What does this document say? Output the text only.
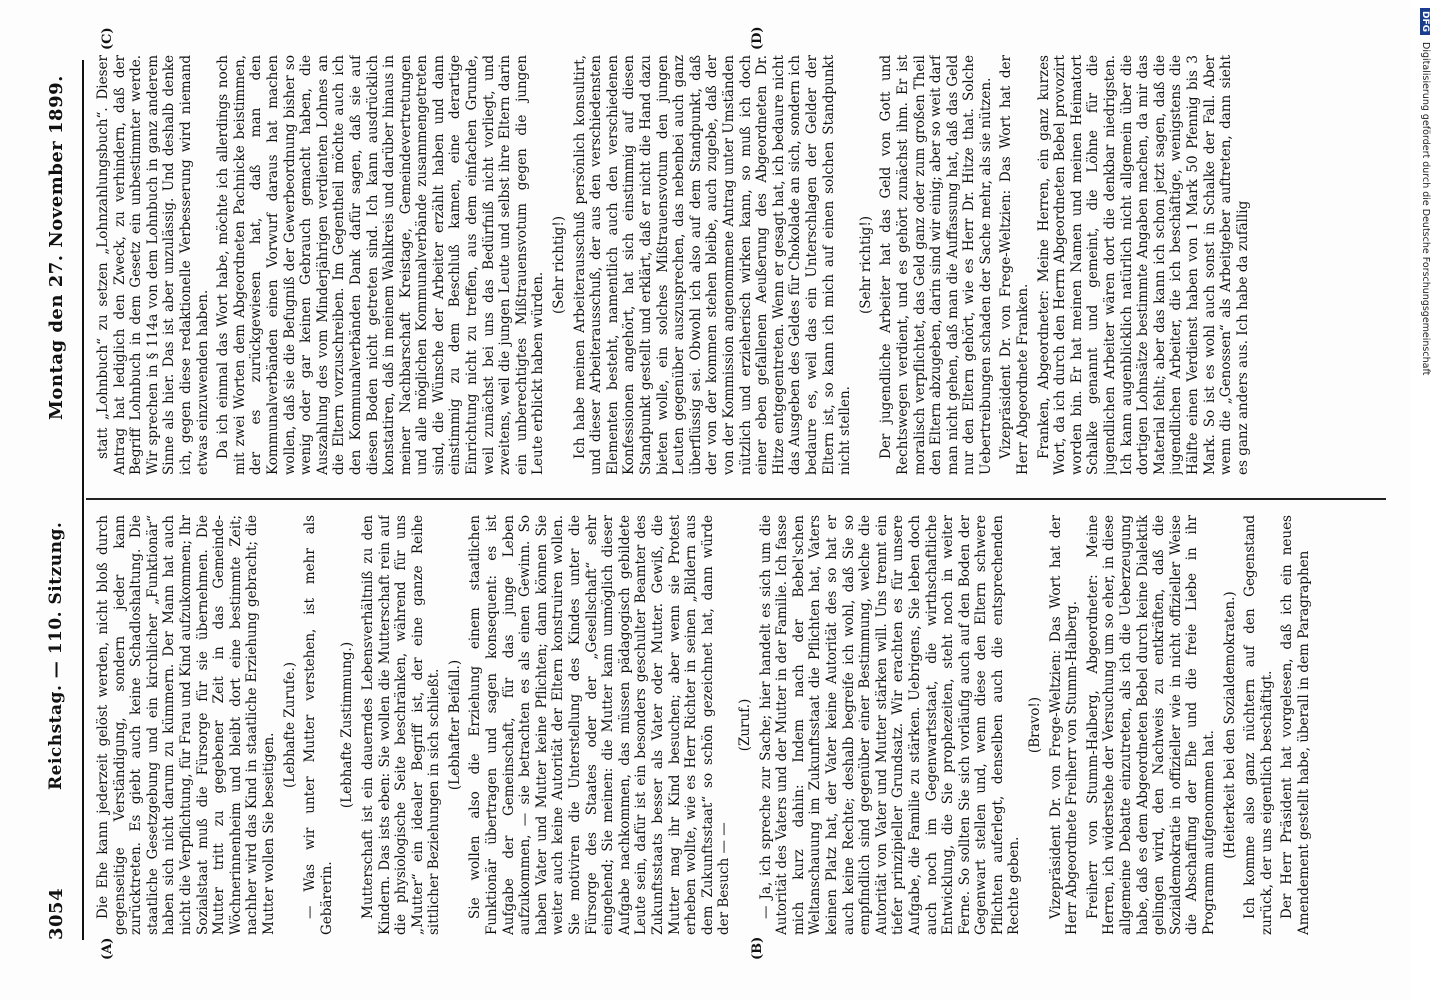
3054
Reichstag. — 110. Sitzung.
Montag den 27. November 1899.
(A)	(B)
(C)	(D)

Die Ehe kann jederzeit gelöst werden, nicht bloß durch gegenseitige Verständigung, sondern jeder kann zurücktreten. Es giebt auch keine Schadloshaltung. Die staatliche Gesetzgebung und ein kirchlicher „Funktionär“ haben sich nicht darum zu kümmern. Der Mann hat auch nicht die Verpflichtung, für Frau und Kind aufzukommen; Ihr Sozialstaat muß die Fürsorge für sie übernehmen. Die Mutter tritt zu gegebener Zeit in das Gemeinde-Wöchnerinnenheim und bleibt dort eine bestimmte Zeit; nachher wird das Kind in staatliche Erziehung gebracht; die Mutter wollen Sie beseitigen.

(Lebhafte Zurufe.) — Was wir unter Mutter verstehen, ist mehr als Gebärerin.

(Lebhafte Zustimmung.) Mutterschaft ist ein dauerndes Lebensverhältniß zu den Kindern. Das ists eben: Sie wollen die Mutterschaft rein auf die physiologische Seite beschränken, während für uns „Mutter“ ein idealer Begriff ist, der eine ganze Reihe sittlicher Beziehungen in sich schließt. (Lebhafter Beifall.) Sie wollen also die Erziehung einem staatlichen Funktionär übertragen und sagen konsequent: es ist Aufgabe der Gemeinschaft, für das junge Leben aufzukommen, — sie betrachten es als einen Gewinn. So haben Vater und Mutter keine Pflichten; dann können Sie weiter auch keine Autorität der Eltern konstruiren wollen. Sie motiviren die Unterstellung des Kindes unter die Fürsorge des Staates oder der „Gesellschaft“ sehr eingehend; Sie meinen: die Mutter kann unmöglich dieser Aufgabe nachkommen, das müssen pädagogisch gebildete Leute sein, dafür ist ein besonders geschulter Beamter des Zukunftsstaats besser als Vater oder Mutter. Gewiß, die Mutter mag ihr Kind besuchen; aber wenn sie Protest erheben wollte, wie es Herr Richter in seinen „Bildern aus dem Zukunftsstaat“ so schön gezeichnet hat, dann würde der Besuch — —

(Zuruf.) — Ja, ich spreche zur Sache; hier handelt es sich um die Autorität des Vaters und der Mutter in der Familie. Ich fasse mich kurz dahin: Indem nach der Bebel'schen Weltanschauung im Zukunftsstaat die Pflichten hat, Vaters keinen Platz hat, der Vater keine Autorität des so hat er auch keine Rechte; deshalb begreife ich wohl, daß Sie so empfindlich sind gegenüber einer Bestimmung, welche die Autorität von Vater und Mutter stärken will. Uns trennt ein tiefer prinzipieller Grundsatz. Wir erachten es für unsere Aufgabe, die Familie zu stärken. Uebrigens, Sie leben doch auch noch im Gegenwartsstaat, die wirthschaftliche Entwicklung, die Sie prophezeiten, steht noch in weiter Ferne. So sollten Sie sich vorläufig auch auf den Boden der Gegenwart stellen und, wenn diese den Eltern schwere Pflichten auferlegt, denselben auch die entsprechenden Rechte geben.

(Bravo!) Vizepräsident Dr. von Frege-Weltzien: Das Wort hat der Herr Abgeordnete Freiherr von Stumm-Halberg. Freiherr von Stumm-Halberg, Abgeordneter: Meine Herren, ich widerstehe der Versuchung um so eher, in diese allgemeine Debatte einzutreten, als ich die Ueberzeugung habe, daß es dem Abgeordneten Bebel durch keine Dialektik gelingen wird, den Nachweis zu entkräften, daß die Sozialdemokratie in offizieller wie in nicht offizieller Weise die Abschaffung der Ehe und die freie Liebe in ihr Programm aufgenommen hat. (Heiterkeit bei den Sozialdemokraten.) Ich komme also ganz nüchtern auf den Gegenstand zurück, der uns eigentlich beschäftigt. Der Herr Präsident hat vorgelesen, daß ich ein neues Amendement gestellt habe, überall in dem Paragraphen

statt „Lohnbuch“ zu setzen „Lohnzahlungsbuch“. Dieser Antrag hat lediglich den Zweck, zu verhindern, daß der Begriff Lohnbuch in dem Gesetz ein unbestimmter werde. Wir sprechen in § 114a von dem Lohnbuch in ganz anderem Sinne als hier. Das ist aber unzulässig. Und deshalb denke ich, gegen diese redaktionelle Verbesserung wird niemand etwas einzuwenden haben. Da ich einmal das Wort habe, möchte ich allerdings noch mit zwei Worten dem Abgeordneten Pachnicke beistimmen, der es zurückgewiesen hat, daß man den Kommunalverbänden einen Vorwurf daraus hat machen wollen, daß sie die Befugniß der Gewerbeordnung bisher so wenig oder gar keinen Gebrauch gemacht haben, die Auszahlung des vom Minderjährigen verdienten Lohnes an die Eltern vorzuschreiben. Im Gegentheil möchte auch ich den Kommunalverbänden Dank dafür sagen, daß sie auf diesen Boden nicht getreten sind. Ich kann ausdrücklich konstatiren, daß in meinem Wahlkreis und darüber hinaus in meiner Nachbarschaft Kreistage, Gemeindevertretungen und alle möglichen Kommunalverbände zusammengetreten sind, die Wünsche der Arbeiter erzählt haben und dann einstimmig zu dem Beschluß kamen, eine derartige Einrichtung nicht zu treffen, aus dem einfachen Grunde, weil zunächst bei uns das Bedürfniß nicht vorliegt, und zweitens, weil die jungen Leute und selbst ihre Eltern darin ein unberechtigtes Mißtrauensvotum gegen die jungen Leute erblickt haben würden.

(Sehr richtig!) Ich habe meinen Arbeiterausschuß persönlich konsultirt, und dieser Arbeiterausschuß, der aus den verschiedensten Elementen besteht, namentlich auch den verschiedenen Konfessionen angehört, hat sich einstimmig auf diesen Standpunkt gestellt und erklärt, daß er nicht die Hand dazu bieten wolle, ein solches Mißtrauensvotum den jungen Leuten gegenüber auszusprechen, das nebenbei auch ganz überflüssig sei. Obwohl ich also auf dem Standpunkt, daß der von der kommen stehen bleibe, auch zugebe, daß der von der Kommission angenommene Antrag unter Umständen nützlich und erzieherisch wirken kann, so muß ich doch einer eben gefallenen Aeußerung des Abgeordneten Dr. Hitze entgegentreten. Wenn er gesagt hat, ich bedaure nicht das Ausgeben des Geldes für Chokolade an sich, sondern ich bedaure es, weil das ein Unterschlagen der Gelder der Eltern ist, so kann ich mich auf einen solchen Standpunkt nicht stellen.

(Sehr richtig!) Der jugendliche Arbeiter hat das Geld von Gott und Rechtswegen verdient, und es gehört zunächst ihm. Er ist moralisch verpflichtet, das Geld ganz oder zum großen Theil den Eltern abzugeben, darin sind wir einig; aber so weit darf man nicht gehen, daß man die Auffassung hat, daß das Geld nur den Eltern gehört, wie es Herr Dr. Hitze that. Solche Uebertreibungen schaden der Sache mehr, als sie nützen. Vizepräsident Dr. von Frege-Weltzien: Das Wort hat der Herr Abgeordnete Franken. Franken, Abgeordneter: Meine Herren, ein ganz kurzes Wort, da ich durch den Herrn Abgeordneten Bebel provozirt worden bin. Er hat meinen Namen und meinen Heimatort Schalke genannt und gemeint, die Löhne für die jugendlichen Arbeiter wären dort die denkbar niedrigsten. Ich kann augenblicklich natürlich nicht allgemein über die dortigen Lohnsätze bestimmte Angaben machen, da mir das Material fehlt; aber das kann ich schon jetzt sagen, daß die jugendlichen Arbeiter, die ich beschäftige, wenigstens die Hälfte einen Verdienst haben von 1 Mark 50 Pfennig bis 3 Mark. So ist es wohl auch sonst in Schalke der Fall. Aber wenn die „Genossen“ als Arbeitgeber auftreten, dann sieht es ganz anders aus. Ich habe da zufällig

DFG Digitalisierung gefördert durch die Deutsche Forschungsgemeinschaft
